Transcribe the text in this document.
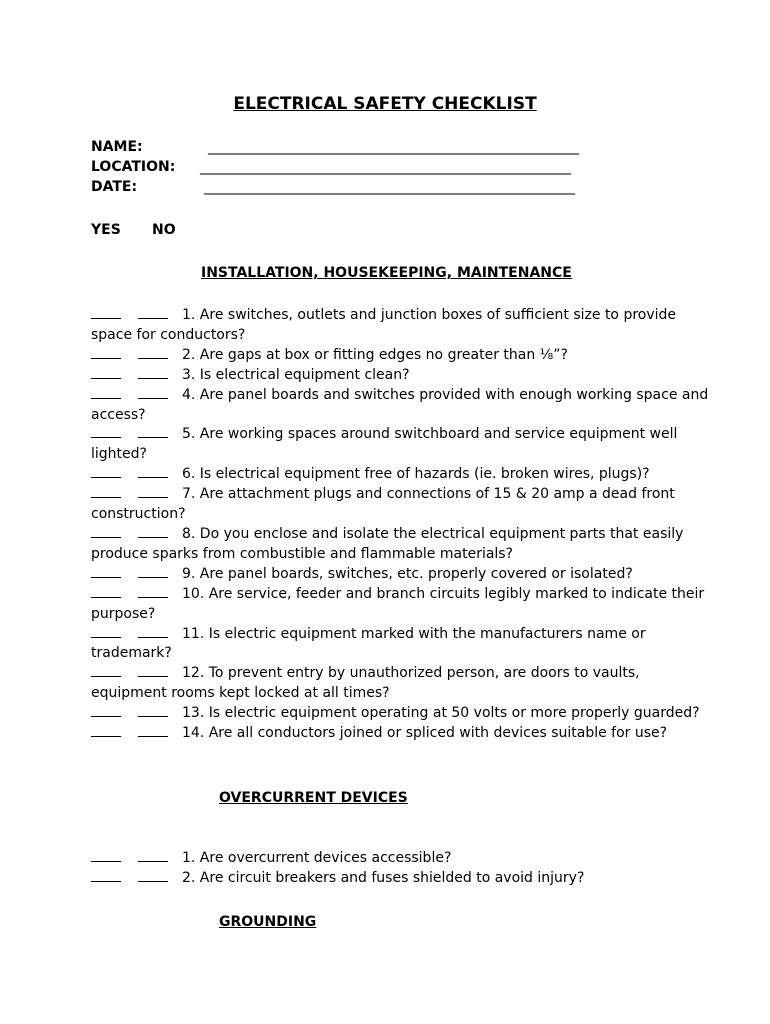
ELECTRICAL SAFETY CHECKLIST
NAME:	_____________________________________________________
LOCATION: _____________________________________________________
DATE:	_____________________________________________________
YES NO
INSTALLATION, HOUSEKEEPING, MAINTENANCE
1. Are switches, outlets and junction boxes of sufficient size to provide space for conductors?
2. Are gaps at box or fitting edges no greater than ⅛”?
3. Is electrical equipment clean?
4. Are panel boards and switches provided with enough working space and access?
5. Are working spaces around switchboard and service equipment well lighted?
6. Is electrical equipment free of hazards (ie. broken wires, plugs)?
7. Are attachment plugs and connections of 15 & 20 amp a dead front construction?
8. Do you enclose and isolate the electrical equipment parts that easily produce sparks from combustible and flammable materials?
9. Are panel boards, switches, etc. properly covered or isolated?
10. Are service, feeder and branch circuits legibly marked to indicate their purpose?
11. Is electric equipment marked with the manufacturers name or trademark?
12. To prevent entry by unauthorized person, are doors to vaults, equipment rooms kept locked at all times?
13. Is electric equipment operating at 50 volts or more properly guarded?
14. Are all conductors joined or spliced with devices suitable for use?
OVERCURRENT DEVICES
1. Are overcurrent devices accessible?
2. Are circuit breakers and fuses shielded to avoid injury?
GROUNDING
